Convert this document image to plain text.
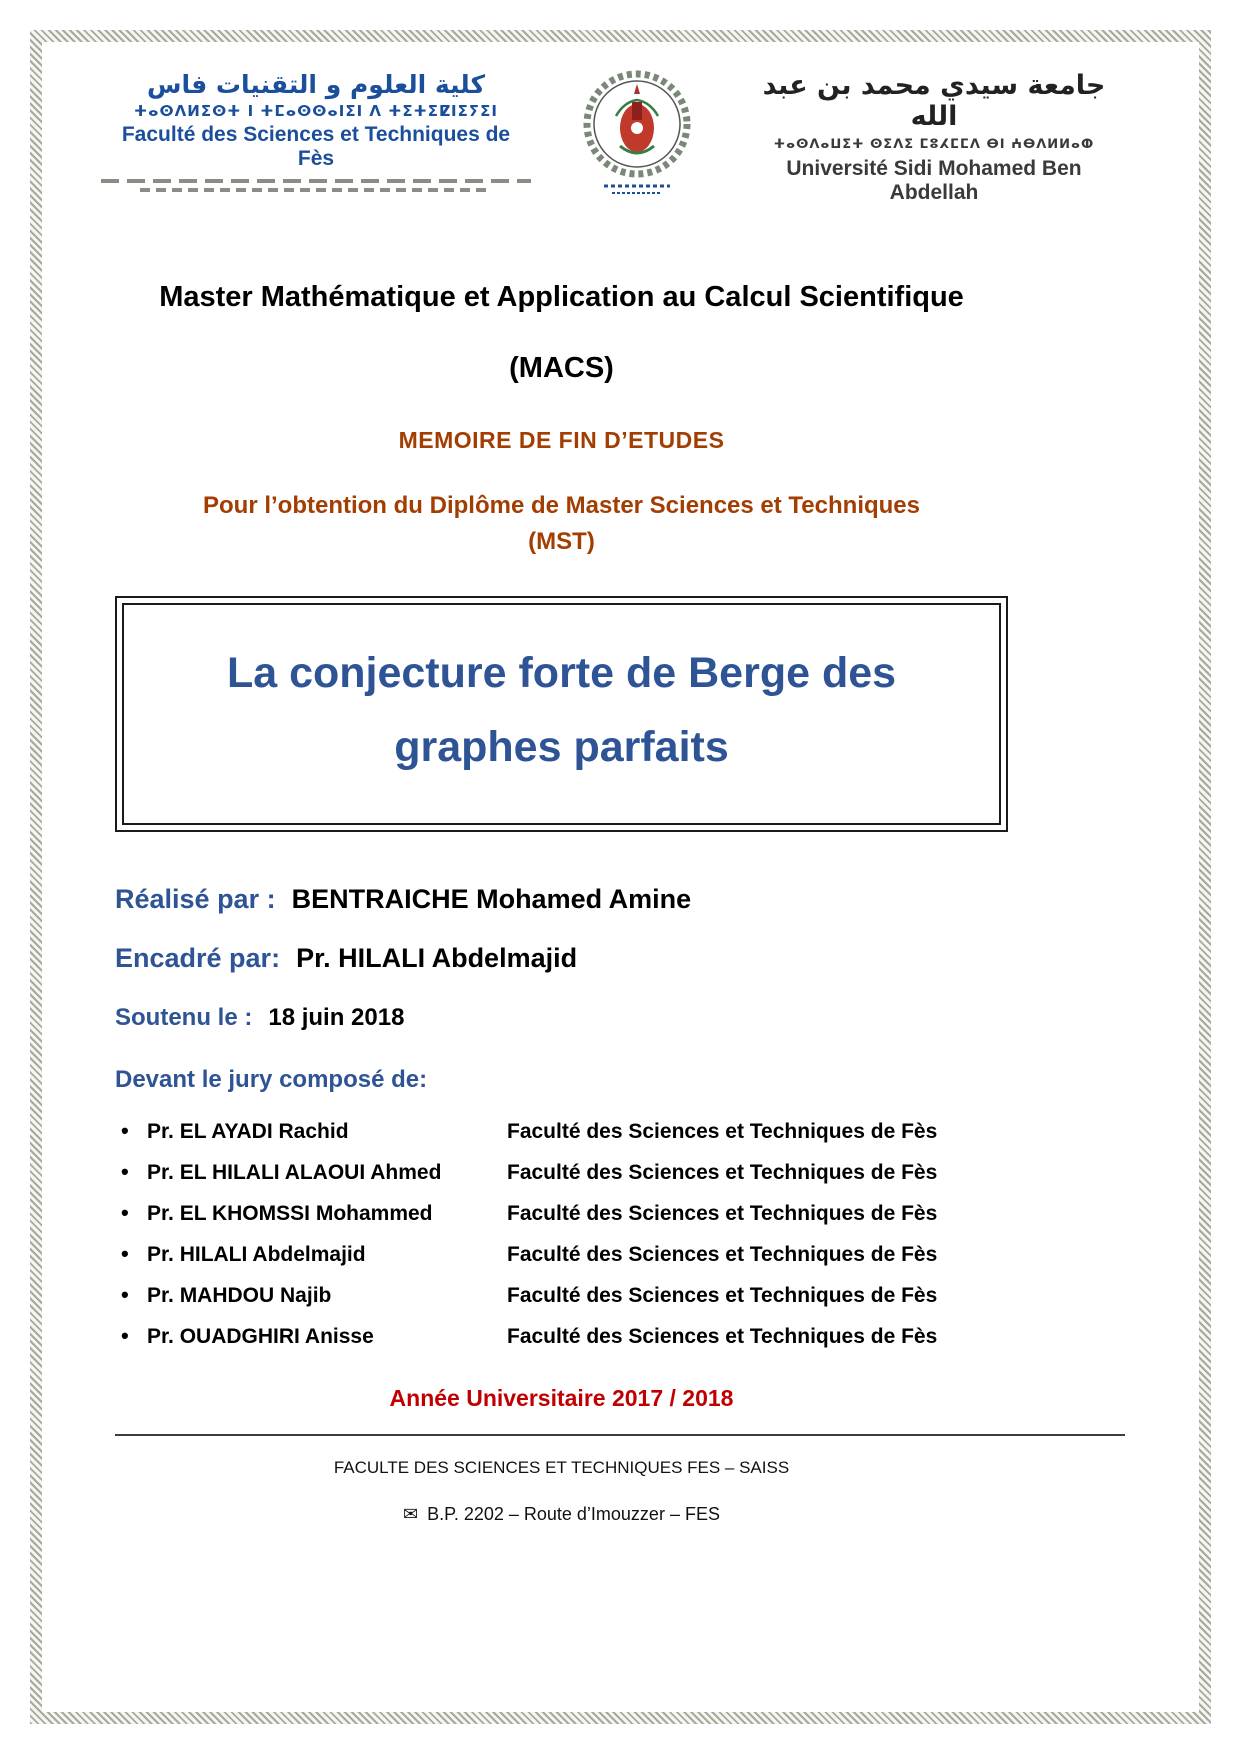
كلية العلوم و التقنيات فاس
ⵜⴰⵙⴷⵍⵉⵙⵜ ⵏ ⵜⵎⴰⵙⵙⴰⵏⵉⵏ ⴷ ⵜⵉⵜⵉⵇⵏⵉⵢⵉⵏ
Faculté des Sciences et Techniques de Fès
جامعة سيدي محمد بن عبد الله
ⵜⴰⵙⴷⴰⵡⵉⵜ ⵙⵉⴷⵉ ⵎⵓⵃⵎⵎⴷ ⴱⵏ ⵄⴱⴷⵍⵍⴰⵀ
Université Sidi Mohamed Ben Abdellah
Master Mathématique et Application au Calcul Scientifique
(MACS)
MEMOIRE DE FIN D’ETUDES
Pour l’obtention du Diplôme de Master Sciences et Techniques
(MST)
La conjecture forte de Berge des
graphes parfaits
Réalisé par : BENTRAICHE Mohamed Amine
Encadré par: Pr. HILALI Abdelmajid
Soutenu le : 18 juin 2018
Devant le jury composé de:
• Pr. EL AYADI Rachid	Faculté des Sciences et Techniques de Fès
• Pr. EL HILALI ALAOUI Ahmed	Faculté des Sciences et Techniques de Fès
• Pr. EL KHOMSSI Mohammed	Faculté des Sciences et Techniques de Fès
• Pr. HILALI Abdelmajid	Faculté des Sciences et Techniques de Fès
• Pr. MAHDOU Najib	Faculté des Sciences et Techniques de Fès
• Pr. OUADGHIRI Anisse	Faculté des Sciences et Techniques de Fès
Année Universitaire 2017 / 2018
FACULTE DES SCIENCES ET TECHNIQUES FES – SAISS
✉ B.P. 2202 – Route d’Imouzzer – FES
